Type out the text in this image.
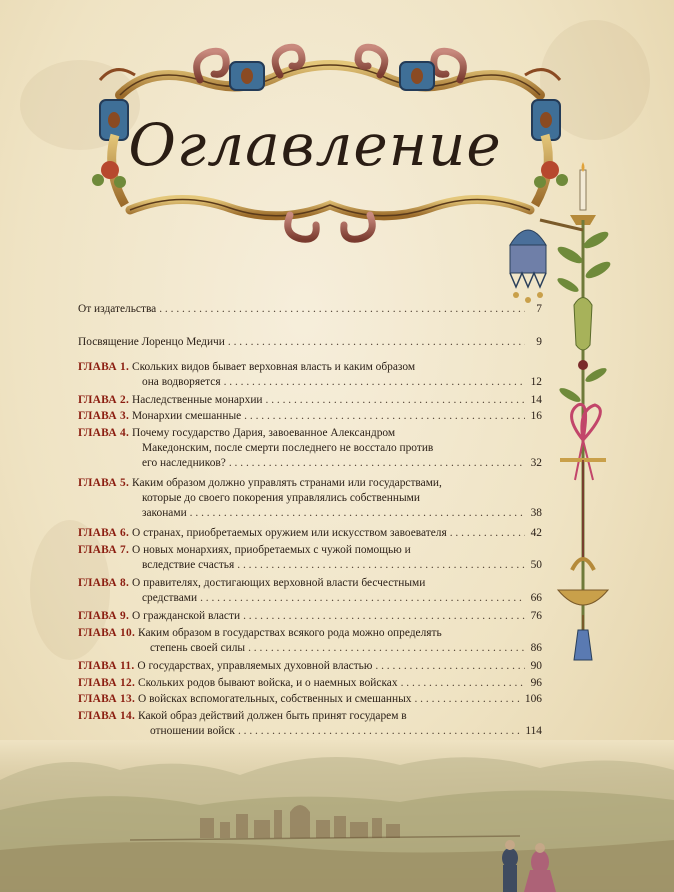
Оглавление
От издательства . . .	7
Посвящение Лоренцо Медичи . . .	9
ГЛАВА 1. Скольких видов бывает верховная власть и каким образом
она водворяется . . .	12
ГЛАВА 2. Наследственные монархии . . .	14
ГЛАВА 3. Монархии смешанные . . .	16
ГЛАВА 4. Почему государство Дария, завоеванное Александром
Македонским, после смерти последнего не восстало против
его наследников? . . .	32
ГЛАВА 5. Каким образом должно управлять странами или государствами,
которые до своего покорения управлялись собственными
законами . . .	38
ГЛАВА 6. О странах, приобретаемых оружием или искусством завоевателя . . .	42
ГЛАВА 7. О новых монархиях, приобретаемых с чужой помощью и
вследствие счастья . . .	50
ГЛАВА 8. О правителях, достигающих верховной власти бесчестными
средствами . . .	66
ГЛАВА 9. О гражданской власти . . .	76
ГЛАВА 10. Каким образом в государствах всякого рода можно определять
степень своей силы . . .	86
ГЛАВА 11. О государствах, управляемых духовной властью . . .	90
ГЛАВА 12. Скольких родов бывают войска, и о наемных войсках . . .	96
ГЛАВА 13. О войсках вспомогательных, собственных и смешанных . . .	106
ГЛАВА 14. Какой образ действий должен быть принят государем в
отношении войск . . .	114
